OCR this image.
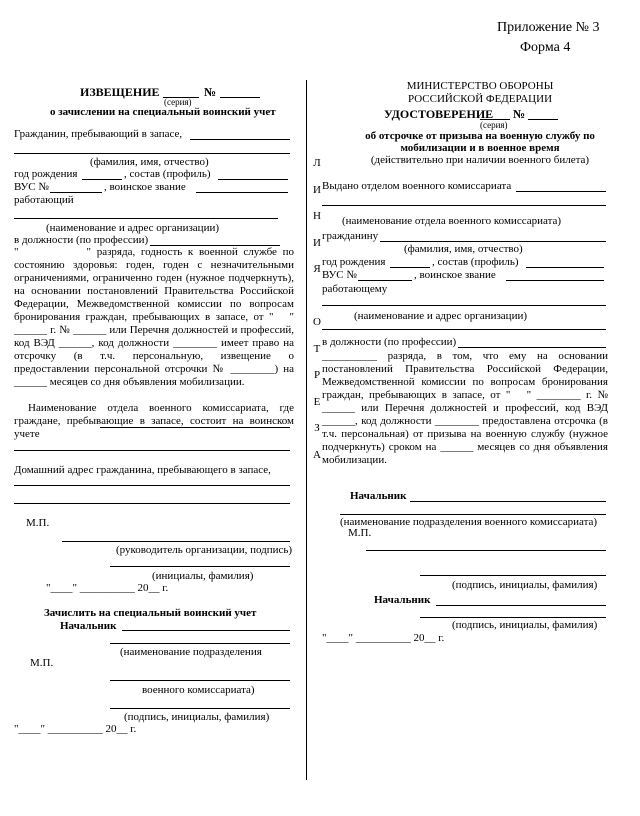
Приложение № 3
Форма 4
Л
И
Н
И
Я

О
Т
Р
Е
З
А
ИЗВЕЩЕНИЕ	№
(серия)
о зачислении на специальный воинский учет
Гражданин, пребывающий в запасе,
(фамилия, имя, отчество)
год рождения	, состав (профиль)
ВУС №	, воинское звание
работающий
(наименование и адрес организации)
в должности (по профессии)
"            " разряда, годность к военной службе по состоянию здоровья: годен, годен с незначительными ограничениями, ограниченно годен (нужное подчеркнуть), на основании постановлений Правительства Российской Федерации, Межведомственной комиссии по вопросам бронирования граждан, пребывающих в запасе, от "   " ______ г. № ______ или Перечня должностей и профессий, код ВЭД ______, код должности ________ имеет право на отсрочку (в т.ч. персональную, извещение о предоставлении персональной отсрочки № ________) на ______ месяцев со дня объявления мобилизации.
Наименование отдела военного комиссариата, где граждане, пребывающие в запасе, состоит на воинском учете
Домашний адрес гражданина, пребывающего в запасе,
М.П.
(руководитель организации, подпись)
(инициалы, фамилия)
"____" __________ 20__ г.
Зачислить на специальный воинский учет
Начальник
(наименование подразделения
М.П.
военного комиссариата)
(подпись, инициалы, фамилия)
"____" __________ 20__ г.
МИНИСТЕРСТВО ОБОРОНЫ
РОССИЙСКОЙ ФЕДЕРАЦИИ
УДОСТОВЕРЕНИЕ №
(серия)
об отсрочке от призыва на военную службу по
мобилизации и в военное время
(действительно при наличии военного билета)
Выдано отделом военного комиссариата
(наименование отдела военного комиссариата)
гражданину
(фамилия, имя, отчество)
год рождения	, состав (профиль)
ВУС №	, воинское звание
работающему
(наименование и адрес организации)
в должности (по профессии)
__________ разряда, в том, что ему на основании постановлений Правительства Российской Федерации, Межведомственной комиссии по вопросам бронирования граждан, пребывающих в запасе, от "   " ________ г. № ______ или Перечня должностей и профессий, код ВЭД ______, код должности ________ предоставлена отсрочка (в т.ч. персональная) от призыва на военную службу (нужное подчеркнуть) сроком на ______ месяцев со дня объявления мобилизации.
Начальник
(наименование подразделения военного комиссариата)
М.П.
(подпись, инициалы, фамилия)
Начальник
(подпись, инициалы, фамилия)
"____" __________ 20__ г.
